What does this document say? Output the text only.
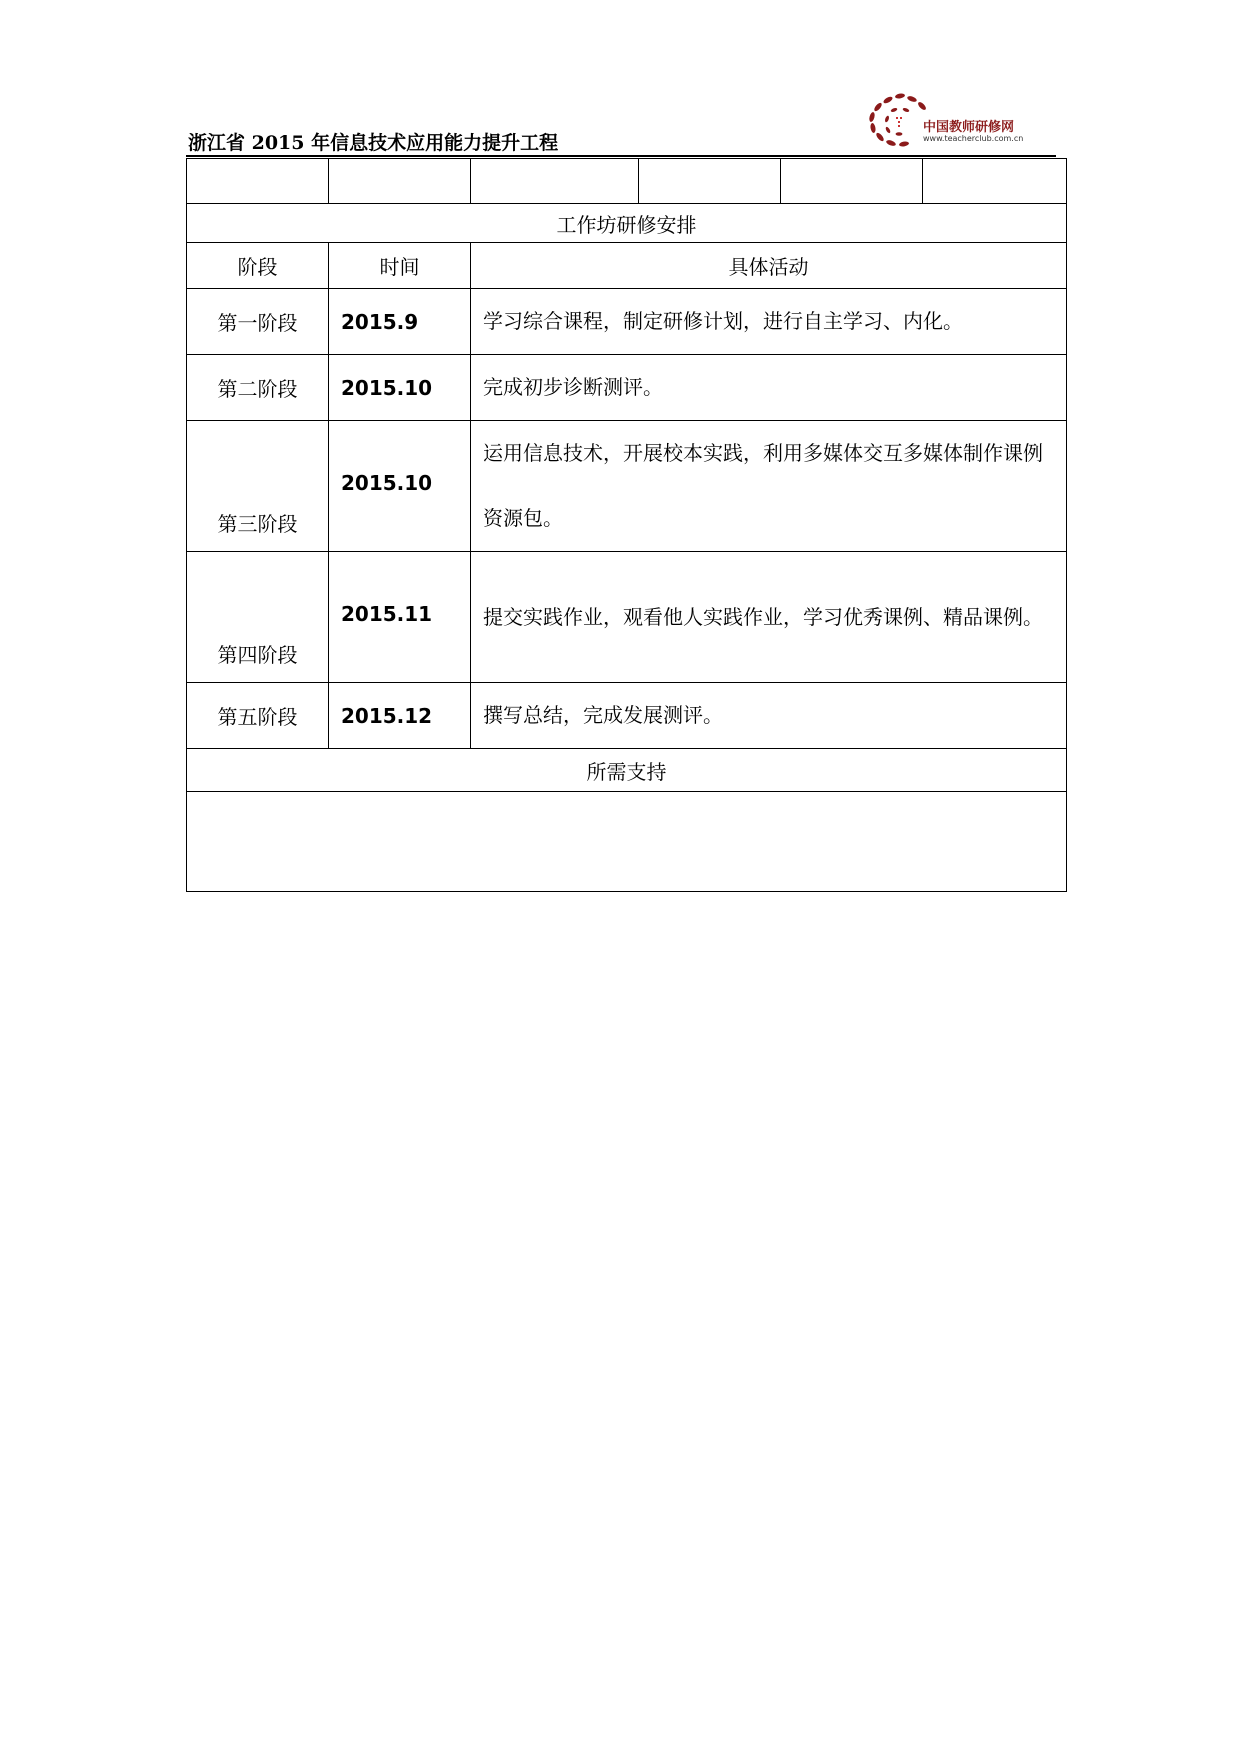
浙江省 2015 年信息技术应用能力提升工程
中国教师研修网
www.teacherclub.com.cn

工作坊研修安排					
阶段	时间	具体活动			
第一阶段	2015.9	学习综合课程，制定研修计划，进行自主学习、内化。			
第二阶段	2015.10	完成初步诊断测评。			
第三阶段	2015.10	运用信息技术，开展校本实践，利用多媒体交互多媒体制作课例资源包。			
第四阶段	2015.11	提交实践作业，观看他人实践作业，学习优秀课例、精品课例。			
第五阶段	2015.12	撰写总结，完成发展测评。			
所需支持					
